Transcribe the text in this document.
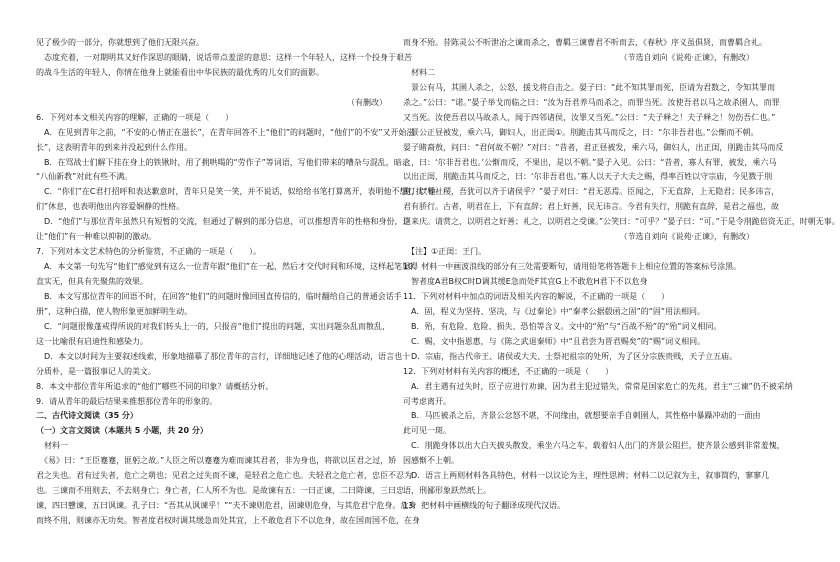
见了极少的一部分，你就想到了他们无限兴奋。
　态度充着，一对期明其又好作深思的眼睛，说话带点羞涩的意思：这样一个年轻人，这样一个投身于艰苦
的战斗生活的年轻人，你情在他身上就能看出中华民族的最优秀的儿女们的面影。
（有删改）
6．下列对本文相关内容的理解，正确的一项是（　　）
　A．在见到青年之前，“不安的心情正在滋长”，在青年回答不上“他们”的问题时，“他们”的不安”又开始滋
长”，这表明青年的到来并没起到什么作用。
　B．在骂战士们解下挂在身上的铁锹时，用了拥哄喝的“劳作子”等词语，写他们带来的嘈杂与混乱，暗示
“八仙新教”对此有些不满。
　C．“你们”在C君打招呼和表达歉意时，青年只是笑一笑，并不说话，似给给书笔打算离开，表明他不想打扰“他
们”休息，也表明他出内容爱娴静的性格。
　D．“他们”与那位青年虽然只有短暂的交流，但通过了解到的部分信息，可以推想青年的性格和身份，这
让“他们”有一种难以抑制的激动。
7．下列对本文艺术特色的分析鉴赏，不正确的一项是（　　）。
　A．本文第一句先写“他们”感觉到有这么一位青年跟“他们”在一起，然后才交代时间和环境，这样起笔显得
直实无，但具有先聚焦的效果。
　B．本文写那位青年的回语不时，在回答“他们”的问题时像回国直传信的，临时翻给自己的普通会话手
册”，这种白描，使人物形象更加鲜明生动。
　C．“问题很像蓬戒得所说的对我们转头上一的，只报音“他们”提出的问题，实出问题杂乱而散乱，
这一比喻很有启迪性和感染力。
　D．本文以时间为主要叙述线索，形象地描摹了那位青年的言行，详细地记述了他的心理活动，语言也十
分质朴，是一篇报事记人的美文。
8．本文中那位青年所追求的“他们”哪些不同的印象？请概括分析。
9．请从青年的最后结果来推想那位青年的形象的。
二、古代诗文阅读（35 分）
（一）文言文阅读（本题共 5 小题，共 20 分）
　材料一
　《易》曰：“王臣蹇蹇，匪躬之故。”人臣之所以蹇蹇为难而谏其君者，非为身也，将欲以匡君之过，矫
君之失也。君有过失者，危亡之萌也；见君之过失而不谏，是轻君之危亡也。夫轻君之危亡者，忠臣不忍为
也。三谏而不用则去，不去则身亡；身亡者，仁人所不为也。是故谏有五：一曰正谏，二曰降谏，三曰忠
谏，四曰戆谏，五曰讽谏。孔子曰：“吾其从讽谏乎！”“夫不谏则危君，固谏则危身，与其危君宁危身。危身
而终不用，则谏亦无功矣。智者度君权时调其缓急而处其宜，上不敢危君下不以危身，故在国而国不危，在身
而身不殆。昔陈灵公不听泄冶之谏而杀之，曹羁三谏曹君不听而去，《春秋》序义虽俱贤，而曹羁合礼。
（节选自刘向《说苑·正谏》，有删改）
　材料二
　景公有马，其圉人杀之，公怒，援戈将自击之。晏子曰：“此不知其罪而死，臣请为君数之，令知其罪而
杀之。”公曰：“诺。”晏子举戈而临之曰：“汝为吾君养马而杀之，而罪当死。汝使吾君以马之故杀圉人，而罪
又当死。汝使吾君以马故杀人，闻于四邻诸侯，汝罪又当死。”公曰：“夫子释之！夫子释之！勿伤吾仁也。”
　景公正昼被发，乘六马，御妇人，出正闺①。刖跪击其马而反之，曰：“尔非吾君也。”公惭而不朝。
晏子睹裔敖，问曰：“君何故不朝？”对曰：“昔者，君正昼被发，乘六马，御妇人，出正闺，刖跪击其马而反
之，曰：‘尔非吾君也。’公惭而反，不果出，是以不朝。”晏子入见。公曰：“昔者，寡人有罪，被发，乘六马
以出正闺，刖跪击其马而反之，曰：‘尔非吾君也。’寡人以天子大夫之赐，得率百姓以守宗庙，今见戮于刖
跪，以辱社稷，吾犹可以齐于诸侯乎？”晏子对曰：“君无恶焉。臣闻之，下无直辞，上无隐君；民多讳言，
君有骄行。古者，明君在上，下有直辞；君上好善，民无讳言。今君有失行，刖跪有直辞，是君之福也，故
臣来庆。请赏之，以明君之好善；礼之，以明君之受谏。”公笑曰：“可乎？”晏子曰：“可。”于是令刖跪倍资无正，时朝无事。
（节选自刘向《说苑·正谏》，有删改）
　【注】①正闺：王门。
10．材料一中画波浪线的部分有三处需要断句，请用铅笔将答题卡上相应位置的答案标号涂黑。
　智者度A君B权C时D调其缓E急而处F其宜G上不敢危H君下不以危身
11．下列对材料中加点的词语及相关内容的解说，不正确的一项是（　　）
　A．固，程义为坚持、坚决，与《过秦论》中“秦孝公据殽函之固”的“固”用法相同。
　B．殆，有危险、危险、损失、恐怕等含义。文中的“殆”与“百战不殆”的“殆”词义相同。
　C．赐，文中指恩惠，与《陈之武退秦师》中“且君尝为晋君赐矣”的“赐”词义相同。
　D．宗庙，指古代帝王、诸侯或大夫、士祭祀祖宗的处所，为了区分宗族贵贱，天子立五庙。
12．下列对材料有关内容的概述，不正确的一项是（　　）
　A．君主遇有过失时，臣子应进行劝谏，因为君主犯过错失，常常是国家危亡的先兆，君主“三谏”仍不被采纳
可考虑离开。
　B．马匹被杀之后，齐景公忿怒不堪，不问缘由，就想要亲手自刺圉人，其性格中暴躁冲动的一面由
此可见一斑。
　C．刖跪身体以出大白天披头散发，乘坐六马之车，载着妇人出门的齐景公阻拦，使齐景公感到非常羞愧，
因感惭不上朝。
　D．语言上两则材料各具特色，材料一以议论为主，理性思辨；材料二以记叙为主，叙事简约，寥寥几
语，刑鄙形象跃然纸上。
13．把材料中画横线的句子翻译成现代汉语。
